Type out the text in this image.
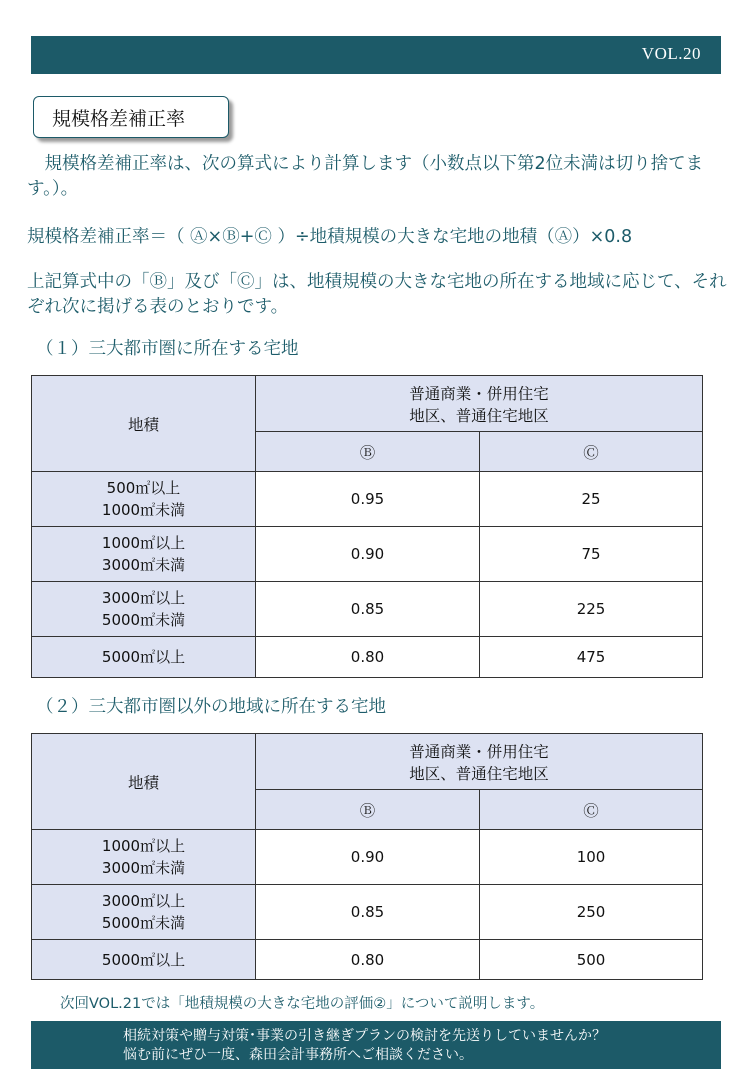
VOL.20
規模格差補正率
　規模格差補正率は、次の算式により計算します（小数点以下第2位未満は切り捨てます。）。
規模格差補正率＝（ Ⓐ×Ⓑ+Ⓒ ）÷地積規模の大きな宅地の地積（Ⓐ）×0.8
上記算式中の「Ⓑ」及び「Ⓒ」は、地積規模の大きな宅地の所在する地域に応じて、それぞれ次に掲げる表のとおりです。
（１）三大都市圏に所在する宅地
地積	普通商業・併用住宅
地区、普通住宅地区	

	Ⓑ	Ⓒ

500㎡以上
1000㎡未満	0.95	25

1000㎡以上
3000㎡未満	0.90	75

3000㎡以上
5000㎡未満	0.85	225

5000㎡以上	0.80	475
（２）三大都市圏以外の地域に所在する宅地
地積	普通商業・併用住宅
地区、普通住宅地区	

	Ⓑ	Ⓒ

1000㎡以上
3000㎡未満	0.90	100

3000㎡以上
5000㎡未満	0.85	250

5000㎡以上	0.80	500
次回VOL.21では「地積規模の大きな宅地の評価②」について説明します。
相続対策や贈与対策･事業の引き継ぎプランの検討を先送りしていませんか？
悩む前にぜひ一度、森田会計事務所へご相談ください。
